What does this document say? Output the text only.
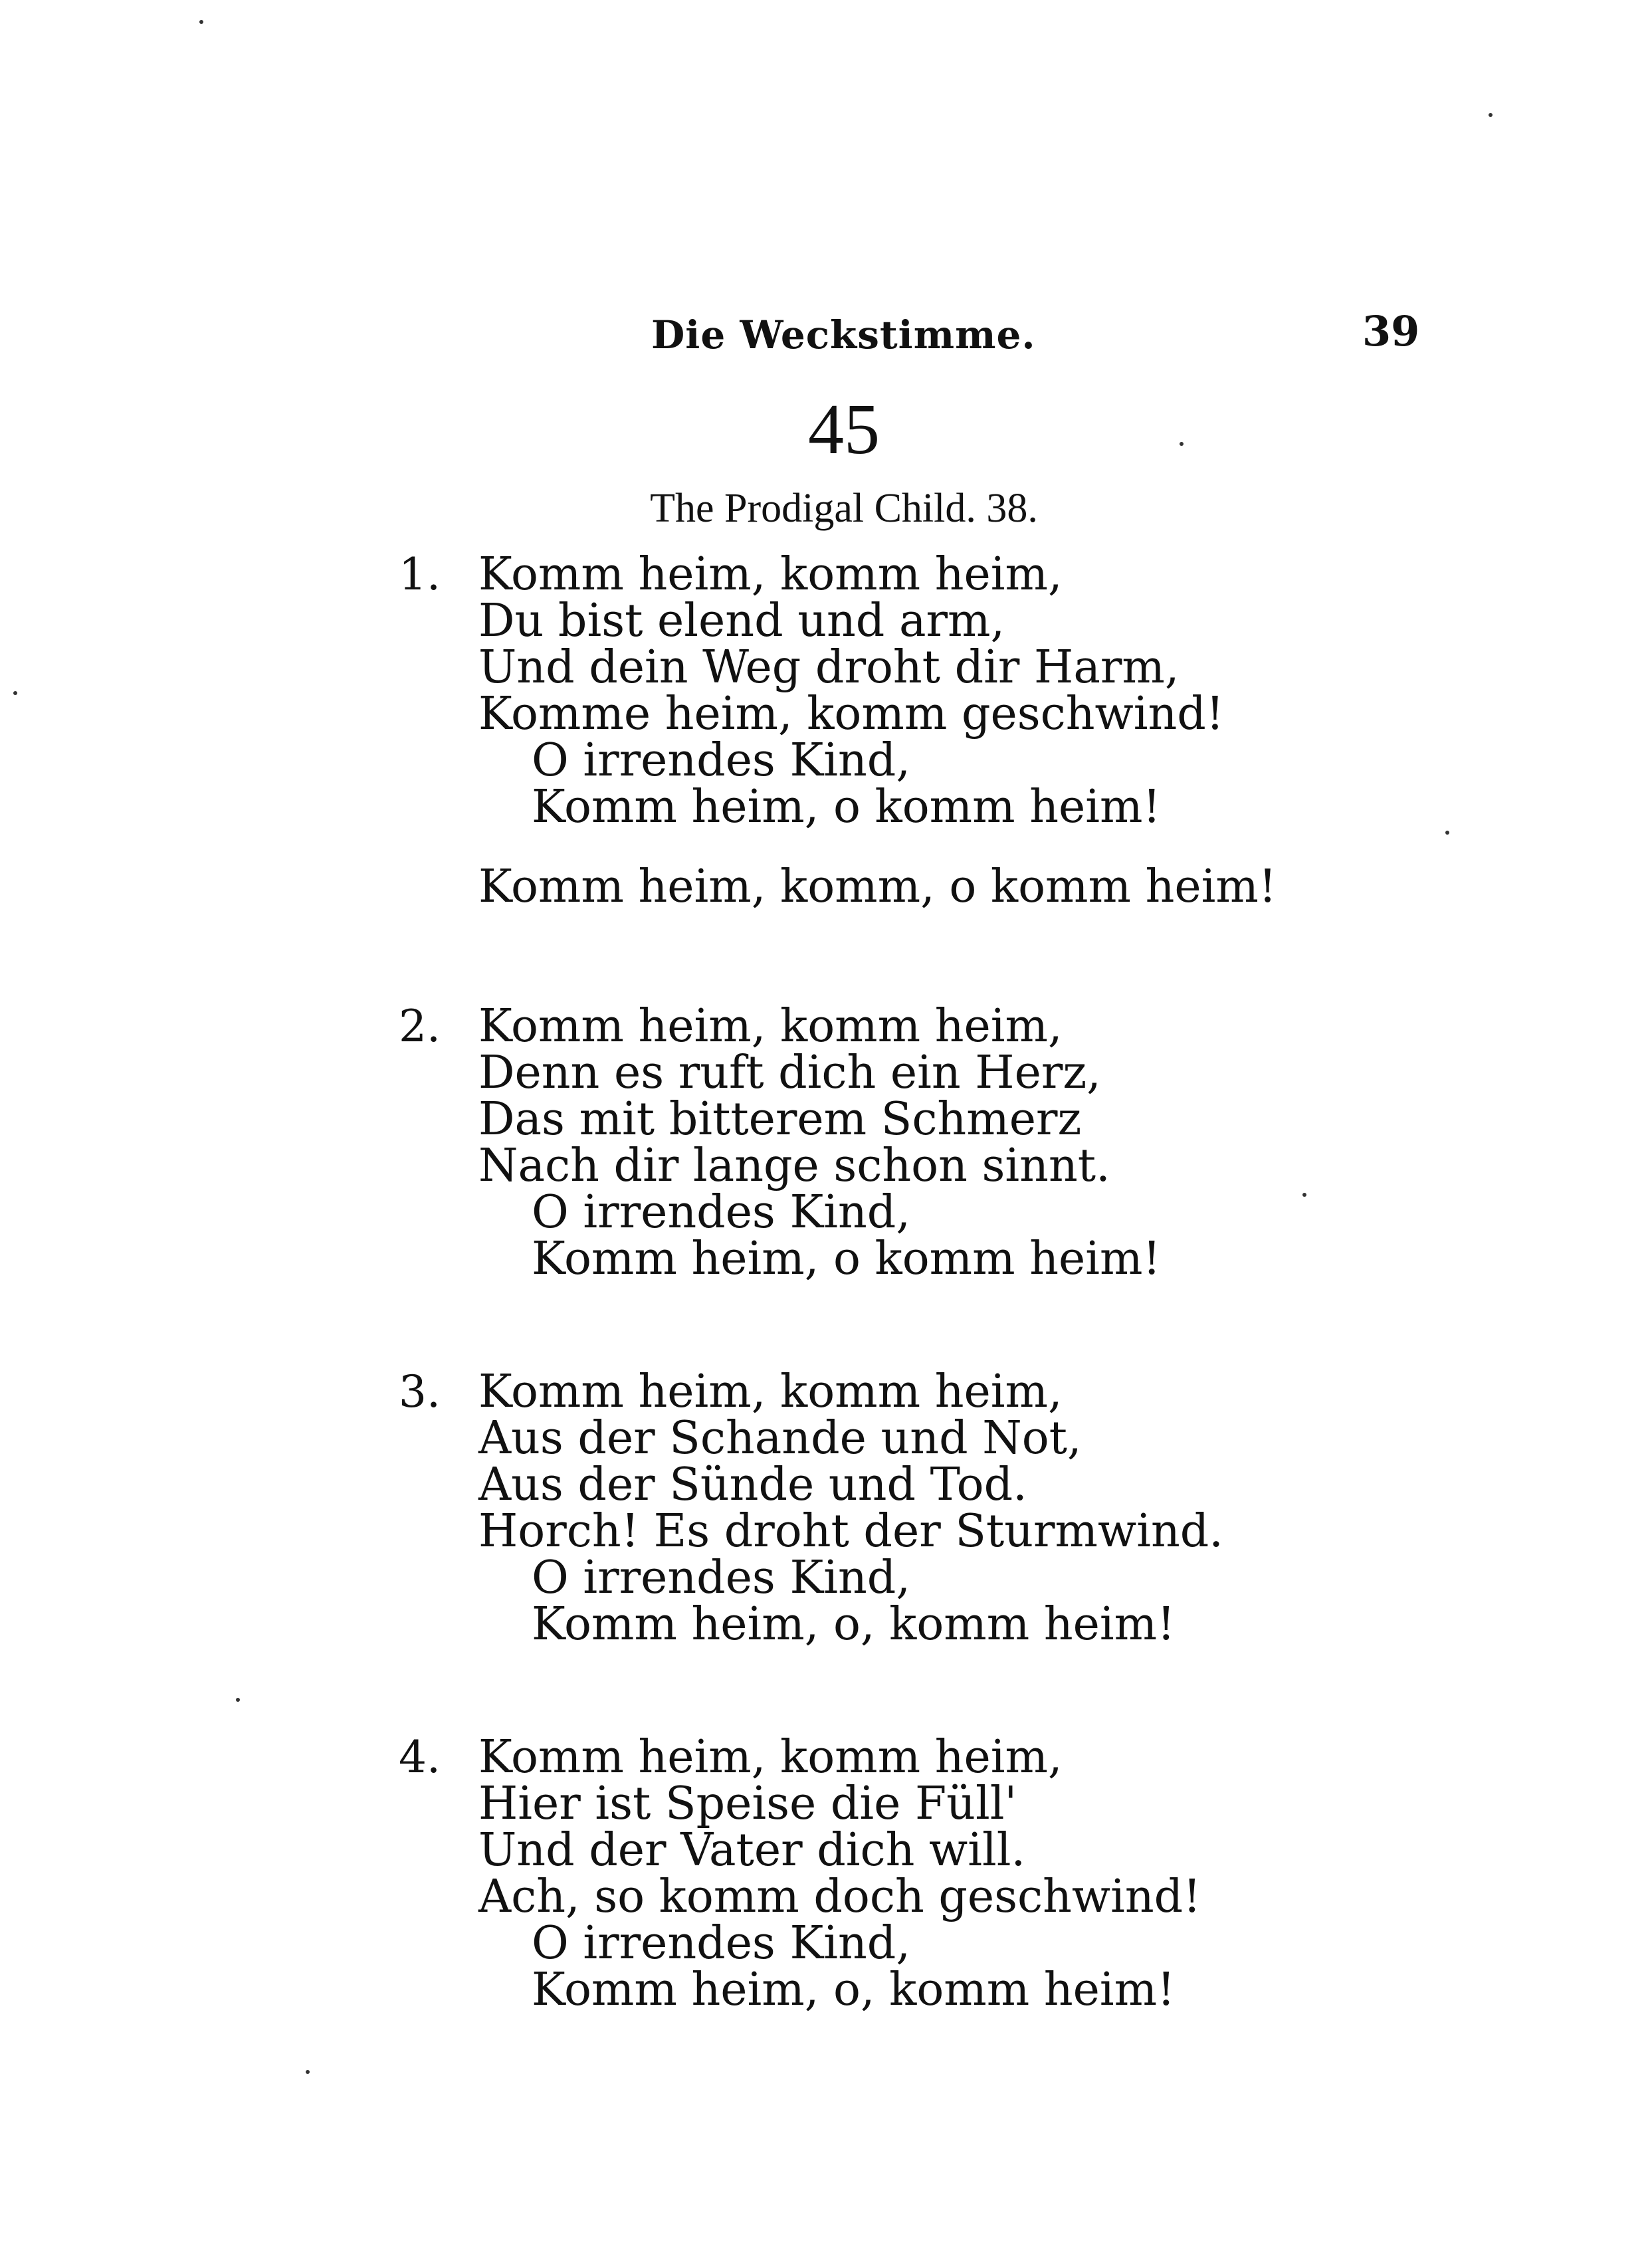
Die Weckstimme.	39
45
The Prodigal Child. 38.
1. Komm heim, komm heim,
Du bist elend und arm,
Und dein Weg droht dir Harm,
Komme heim, komm geschwind!
O irrendes Kind,
Komm heim, o komm heim!
Komm heim, komm, o komm heim!
2. Komm heim, komm heim,
Denn es ruft dich ein Herz,
Das mit bitterem Schmerz
Nach dir lange schon sinnt.
O irrendes Kind,
Komm heim, o komm heim!
3. Komm heim, komm heim,
Aus der Schande und Not,
Aus der Sünde und Tod.
Horch! Es droht der Sturmwind.
O irrendes Kind,
Komm heim, o, komm heim!
4. Komm heim, komm heim,
Hier ist Speise die Füll'
Und der Vater dich will.
Ach, so komm doch geschwind!
O irrendes Kind,
Komm heim, o, komm heim!
